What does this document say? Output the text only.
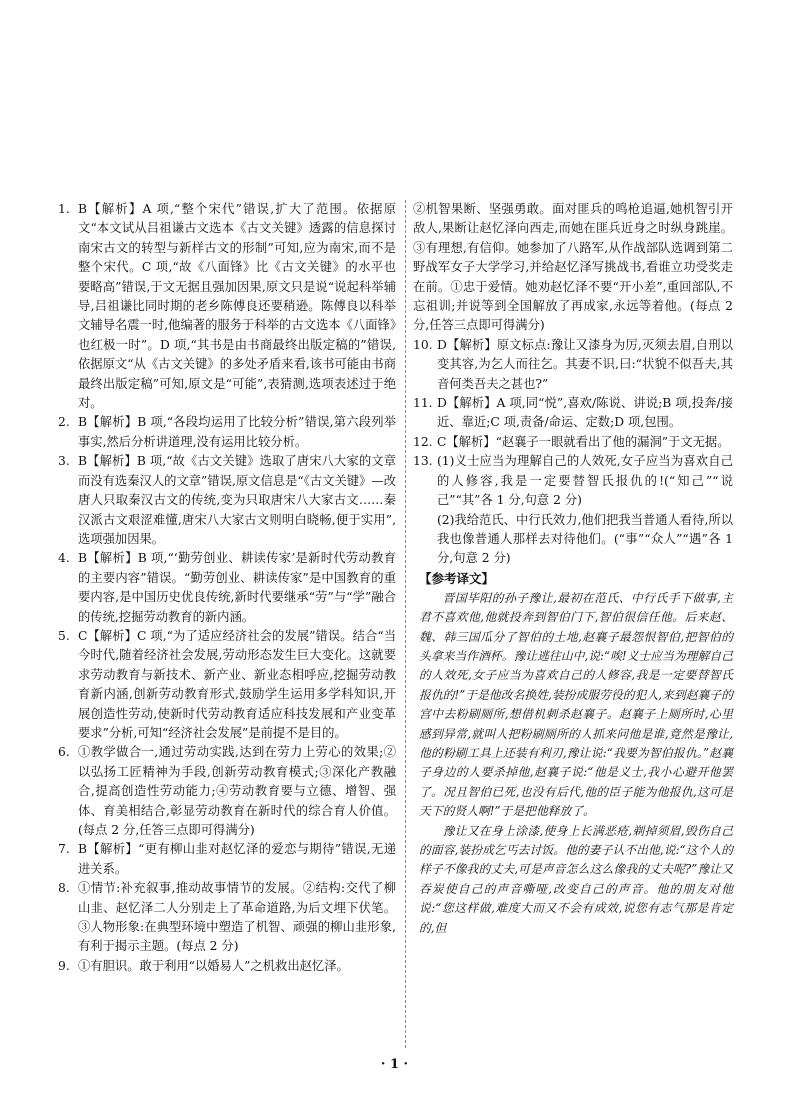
1. B【解析】A 项,“整个宋代”错误,扩大了范围。依据原文“本文试从吕祖谦古文选本《古文关键》透露的信息探讨南宋古文的转型与新样古文的形制”可知,应为南宋,而不是整个宋代。C 项,“故《八面锋》比《古文关键》的水平也要略高”错误,于文无据且强加因果,原文只是说“说起科举辅导,吕祖谦比同时期的老乡陈傅良还要稍逊。陈傅良以科举文辅导名震一时,他编著的服务于科举的古文选本《八面锋》也红极一时”。D 项,“其书是由书商最终出版定稿的”错误,依据原文“从《古文关键》的多处矛盾来看,该书可能由书商最终出版定稿”可知,原文是“可能”,表猜测,选项表述过于绝对。
2. B【解析】B 项,“各段均运用了比较分析”错误,第六段列举事实,然后分析讲道理,没有运用比较分析。
3. B【解析】B 项,“故《古文关键》选取了唐宋八大家的文章而没有选秦汉人的文章”错误,原文信息是“《古文关键》—改唐人只取秦汉古文的传统,变为只取唐宋八大家古文……秦汉派古文艰涩难懂,唐宋八大家古文则明白晓畅,便于实用”,选项强加因果。
4. B【解析】B 项,“‘勤劳创业、耕读传家’是新时代劳动教育的主要内容”错误。“勤劳创业、耕读传家”是中国教育的重要内容,是中国历史优良传统,新时代要继承“劳”与“学”融合的传统,挖掘劳动教育的新内涵。
5. C【解析】C 项,“为了适应经济社会的发展”错误。结合“当今时代,随着经济社会发展,劳动形态发生巨大变化。这就要求劳动教育与新技术、新产业、新业态相呼应,挖掘劳动教育新内涵,创新劳动教育形式,鼓励学生运用多学科知识,开展创造性劳动,使新时代劳动教育适应科技发展和产业变革要求”分析,可知“经济社会发展”是前提不是目的。
6. ①教学做合一,通过劳动实践,达到在劳力上劳心的效果;②以弘扬工匠精神为手段,创新劳动教育模式;③深化产教融合,提高创造性劳动能力;④劳动教育要与立德、增智、强体、育美相结合,彰显劳动教育在新时代的综合育人价值。(每点 2 分,任答三点即可得满分)
7. B【解析】“更有柳山韭对赵忆泽的爱恋与期待”错误,无递进关系。
8. ①情节:补充叙事,推动故事情节的发展。②结构:交代了柳山韭、赵忆泽二人分别走上了革命道路,为后文埋下伏笔。③人物形象:在典型环境中塑造了机智、顽强的柳山韭形象,有利于揭示主题。(每点 2 分)
9. ①有胆识。敢于利用“以婚易人”之机救出赵忆泽。

②机智果断、坚强勇敢。面对匪兵的鸣枪追逼,她机智引开敌人,果断让赵忆泽向西走,而她在匪兵近身之时纵身跳崖。③有理想,有信仰。她参加了八路军,从作战部队选调到第二野战军女子大学学习,并给赵忆泽写挑战书,看谁立功受奖走在前。①忠于爱情。她劝赵忆泽不要“开小差”,重回部队,不忘祖训;并说等到全国解放了再成家,永远等着他。(每点 2 分,任答三点即可得满分)

10. D【解析】原文标点:豫让又漆身为厉,灭须去眉,自刑以变其容,为乞人而往乞。其妻不识,曰:“状貌不似吾夫,其音何类吾夫之甚也?”
11. D【解析】A 项,同“悦”,喜欢/陈说、讲说;B 项,投奔/接近、靠近;C 项,责备/命运、定数;D 项,包围。
12. C【解析】“赵襄子一眼就看出了他的漏洞”于文无据。
13. (1)义士应当为理解自己的人效死,女子应当为喜欢自己的人修容,我是一定要替智氏报仇的!(“知己”“说己”“其”各 1 分,句意 2 分)

(2)我给范氏、中行氏效力,他们把我当普通人看待,所以我也像普通人那样去对待他们。(“事”“众人”“遇”各 1 分,句意 2 分)

【参考译文】

晋国毕阳的孙子豫让,最初在范氏、中行氏手下做事,主君不喜欢他,他就投奔到智伯门下,智伯很信任他。后来赵、魏、韩三国瓜分了智伯的土地,赵襄子最怨恨智伯,把智伯的头拿来当作酒杯。豫让逃往山中,说:“唉!义士应当为理解自己的人效死,女子应当为喜欢自己的人修容,我是一定要替智氏报仇的!”于是他改名换姓,装扮成服劳役的犯人,来到赵襄子的宫中去粉刷厕所,想借机刺杀赵襄子。赵襄子上厕所时,心里感到异常,就叫人把粉刷厕所的人抓来问他是谁,竟然是豫让,他的粉刷工具上还装有利刃,豫让说:“我要为智伯报仇。”赵襄子身边的人要杀掉他,赵襄子说:“他是义士,我小心避开他罢了。况且智伯已死,也没有后代,他的臣子能为他报仇,这可是天下的贤人啊!”于是把他释放了。

豫让又在身上涂漆,使身上长满恶疮,剃掉须眉,毁伤自己的面容,装扮成乞丐去讨饭。他的妻子认不出他,说:“这个人的样子不像我的丈夫,可是声音怎么这么像我的丈夫呢?”豫让又吞炭使自己的声音嘶哑,改变自己的声音。他的朋友对他说:“您这样做,难度大而又不会有成效,说您有志气那是肯定的,但

· 1 ·
